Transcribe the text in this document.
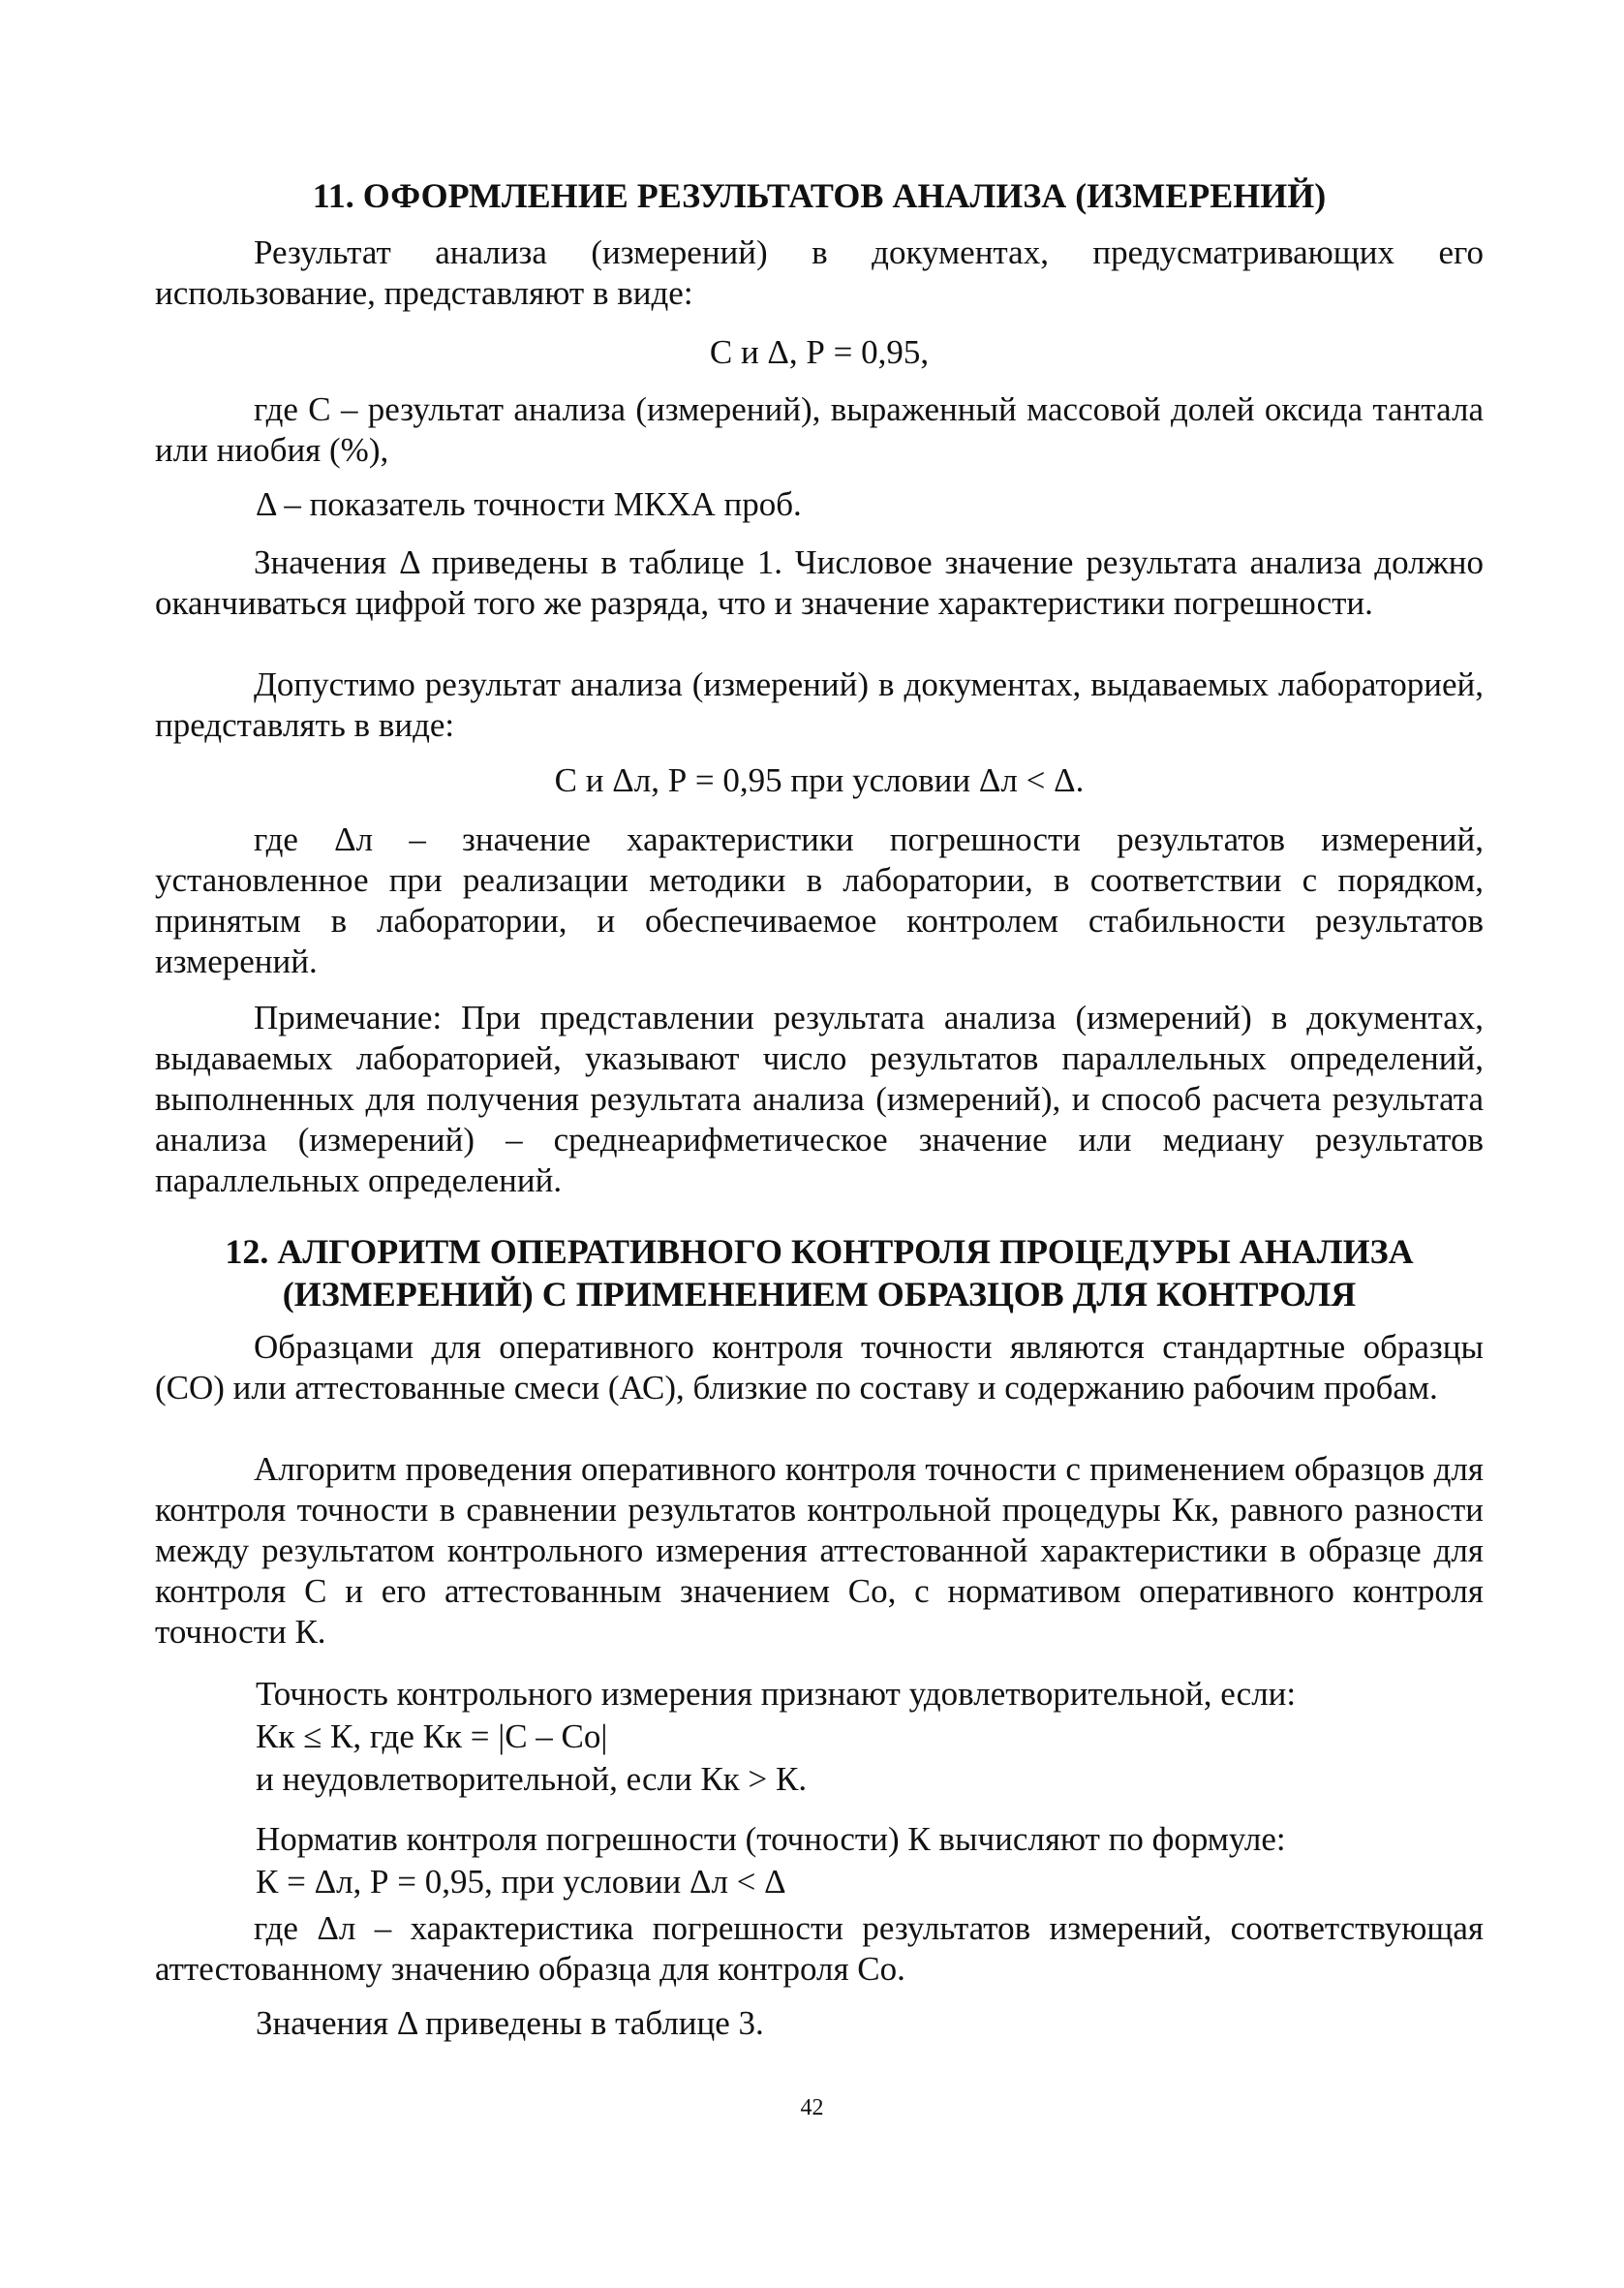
11. ОФОРМЛЕНИЕ РЕЗУЛЬТАТОВ АНАЛИЗА (ИЗМЕРЕНИЙ)

Результат анализа (измерений) в документах, предусматривающих его использование, представляют в виде:

С и Δ, Р = 0,95,

где С – результат анализа (измерений), выраженный массовой долей оксида тантала или ниобия (%),

Δ – показатель точности МКХА проб.

Значения Δ приведены в таблице 1. Числовое значение результата анализа должно оканчиваться цифрой того же разряда, что и значение характеристики погрешности.

Допустимо результат анализа (измерений) в документах, выдаваемых лабораторией, представлять в виде:

С и Δл, Р = 0,95 при условии Δл < Δ.

где Δл – значение характеристики погрешности результатов измерений, установленное при реализации методики в лаборатории, в соответствии с порядком, принятым в лаборатории, и обеспечиваемое контролем стабильности результатов измерений.

Примечание: При представлении результата анализа (измерений) в документах, выдаваемых лабораторией, указывают число результатов параллельных определений, выполненных для получения результата анализа (измерений), и способ расчета результата анализа (измерений) – среднеарифметическое значение или медиану результатов параллельных определений.

12. АЛГОРИТМ ОПЕРАТИВНОГО КОНТРОЛЯ ПРОЦЕДУРЫ АНАЛИЗА
(ИЗМЕРЕНИЙ) С ПРИМЕНЕНИЕМ ОБРАЗЦОВ ДЛЯ КОНТРОЛЯ

Образцами для оперативного контроля точности являются стандартные образцы (СО) или аттестованные смеси (АС), близкие по составу и содержанию рабочим пробам.

Алгоритм проведения оперативного контроля точности с применением образцов для контроля точности в сравнении результатов контрольной процедуры Кк, равного разности между результатом контрольного измерения аттестованной характеристики в образце для контроля С и его аттестованным значением Со, с нормативом оперативного контроля точности К.

Точность контрольного измерения признают удовлетворительной, если:

Кк ≤ К, где Кк = |С – Со|

и неудовлетворительной, если Кк > К.

Норматив контроля погрешности (точности) К вычисляют по формуле:

К = Δл, Р = 0,95, при условии Δл < Δ

где Δл – характеристика погрешности результатов измерений, соответствующая аттестованному значению образца для контроля Со.

Значения Δ приведены в таблице 3.

42
